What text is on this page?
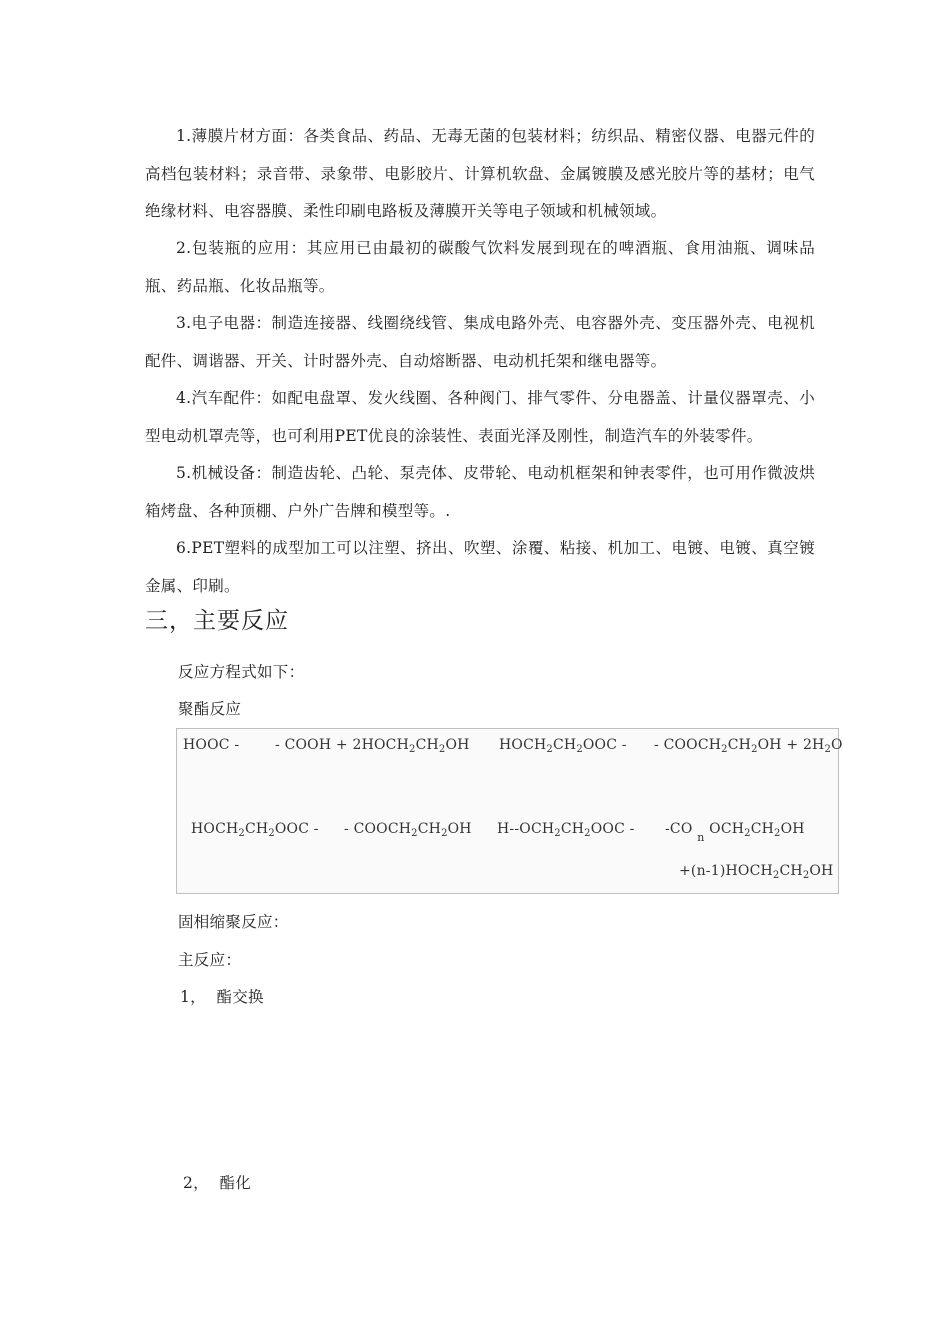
1.薄膜片材方面：各类食品、药品、无毒无菌的包装材料；纺织品、精密仪器、电器元件的高档包装材料；录音带、录象带、电影胶片、计算机软盘、金属镀膜及感光胶片等的基材；电气绝缘材料、电容器膜、柔性印刷电路板及薄膜开关等电子领域和机械领域。

2.包装瓶的应用：其应用已由最初的碳酸气饮料发展到现在的啤酒瓶、食用油瓶、调味品瓶、药品瓶、化妆品瓶等。

3.电子电器：制造连接器、线圈绕线管、集成电路外壳、电容器外壳、变压器外壳、电视机配件、调谐器、开关、计时器外壳、自动熔断器、电动机托架和继电器等。

4.汽车配件：如配电盘罩、发火线圈、各种阀门、排气零件、分电器盖、计量仪器罩壳、小型电动机罩壳等，也可利用PET优良的涂装性、表面光泽及刚性，制造汽车的外装零件。

5.机械设备：制造齿轮、凸轮、泵壳体、皮带轮、电动机框架和钟表零件，也可用作微波烘箱烤盘、各种顶棚、户外广告牌和模型等。.

6.PET塑料的成型加工可以注塑、挤出、吹塑、涂覆、粘接、机加工、电镀、电镀、真空镀金属、印刷。

三，主要反应

反应方程式如下：

聚酯反应

HOOC -	- COOH + $2HOCH_2CH_2OH$ $HOCH_2CH_2OOC$ - - $COOCH_2CH_2OH + 2H_2O$
$HOCH_2CH_2OOC$ - - $COOCH_2CH_2OH$ $H--OCH_2CH_2OOC - -CO$ $_n$ $OCH_2CH_2OH$
$+(n-1)HOCH_2CH_2OH$

固相缩聚反应：

主反应：

1，  酯交换

2，  酯化
